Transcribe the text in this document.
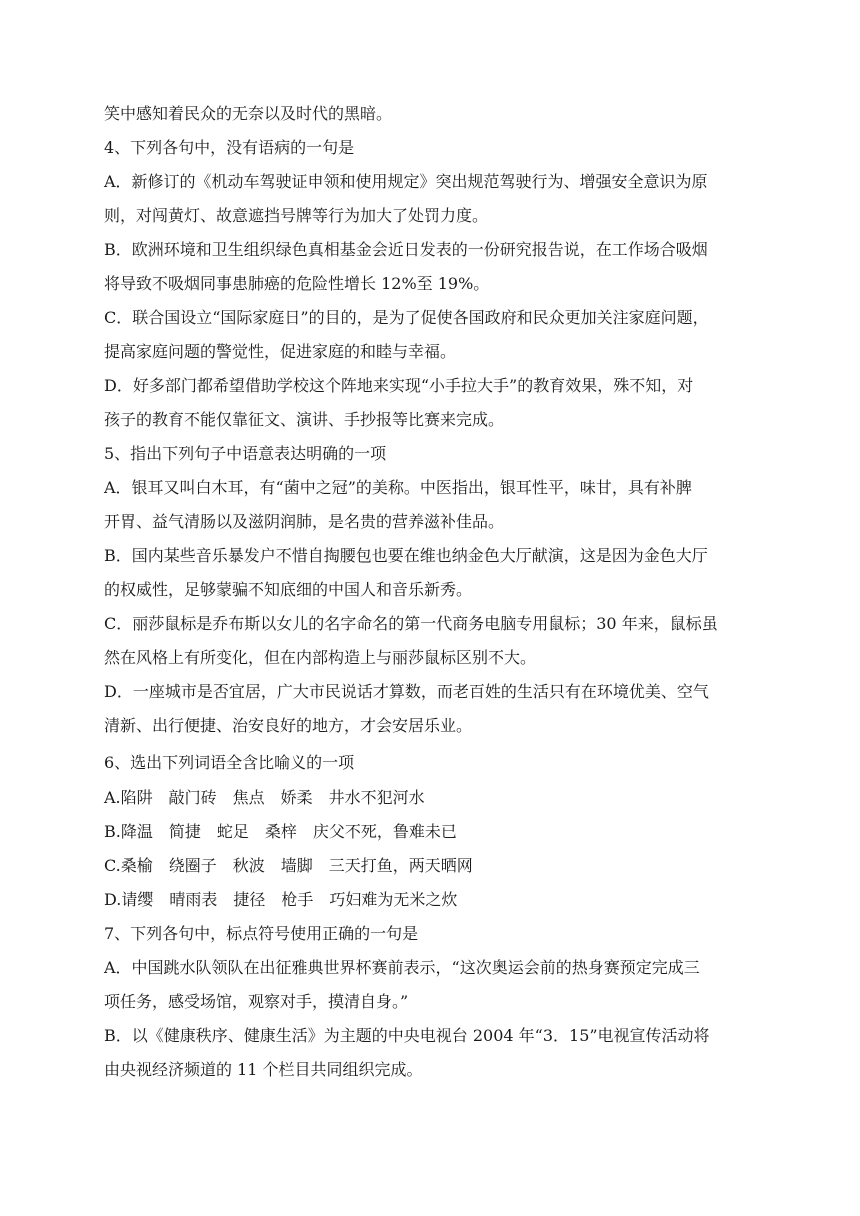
笑中感知着民众的无奈以及时代的黑暗。
4、下列各句中，没有语病的一句是
A．新修订的《机动车驾驶证申领和使用规定》突出规范驾驶行为、增强安全意识为原
则，对闯黄灯、故意遮挡号牌等行为加大了处罚力度。
B．欧洲环境和卫生组织绿色真相基金会近日发表的一份研究报告说，在工作场合吸烟
将导致不吸烟同事患肺癌的危险性增长 12%至 19%。
C．联合国设立“国际家庭日”的目的，是为了促使各国政府和民众更加关注家庭问题，
提高家庭问题的警觉性，促进家庭的和睦与幸福。
D．好多部门都希望借助学校这个阵地来实现“小手拉大手”的教育效果，殊不知，对
孩子的教育不能仅靠征文、演讲、手抄报等比赛来完成。
5、指出下列句子中语意表达明确的一项
A．银耳又叫白木耳，有“菌中之冠”的美称。中医指出，银耳性平，味甘，具有补脾
开胃、益气清肠以及滋阴润肺，是名贵的营养滋补佳品。
B．国内某些音乐暴发户不惜自掏腰包也要在维也纳金色大厅献演，这是因为金色大厅
的权威性，足够蒙骗不知底细的中国人和音乐新秀。
C．丽莎鼠标是乔布斯以女儿的名字命名的第一代商务电脑专用鼠标；30 年来，鼠标虽
然在风格上有所变化，但在内部构造上与丽莎鼠标区别不大。
D．一座城市是否宜居，广大市民说话才算数，而老百姓的生活只有在环境优美、空气
清新、出行便捷、治安良好的地方，才会安居乐业。
6、选出下列词语全含比喻义的一项
A.陷阱　敲门砖　焦点　娇柔　井水不犯河水
B.降温　简捷　蛇足　桑梓　庆父不死，鲁难未已
C.桑榆　绕圈子　秋波　墙脚　三天打鱼，两天晒网
D.请缨　晴雨表　捷径　枪手　巧妇难为无米之炊
7、下列各句中，标点符号使用正确的一句是
A．中国跳水队领队在出征雅典世界杯赛前表示，“这次奥运会前的热身赛预定完成三
项任务，感受场馆，观察对手，摸清自身。”
B．以《健康秩序、健康生活》为主题的中央电视台 2004 年“3．15”电视宣传活动将
由央视经济频道的 11 个栏目共同组织完成。
